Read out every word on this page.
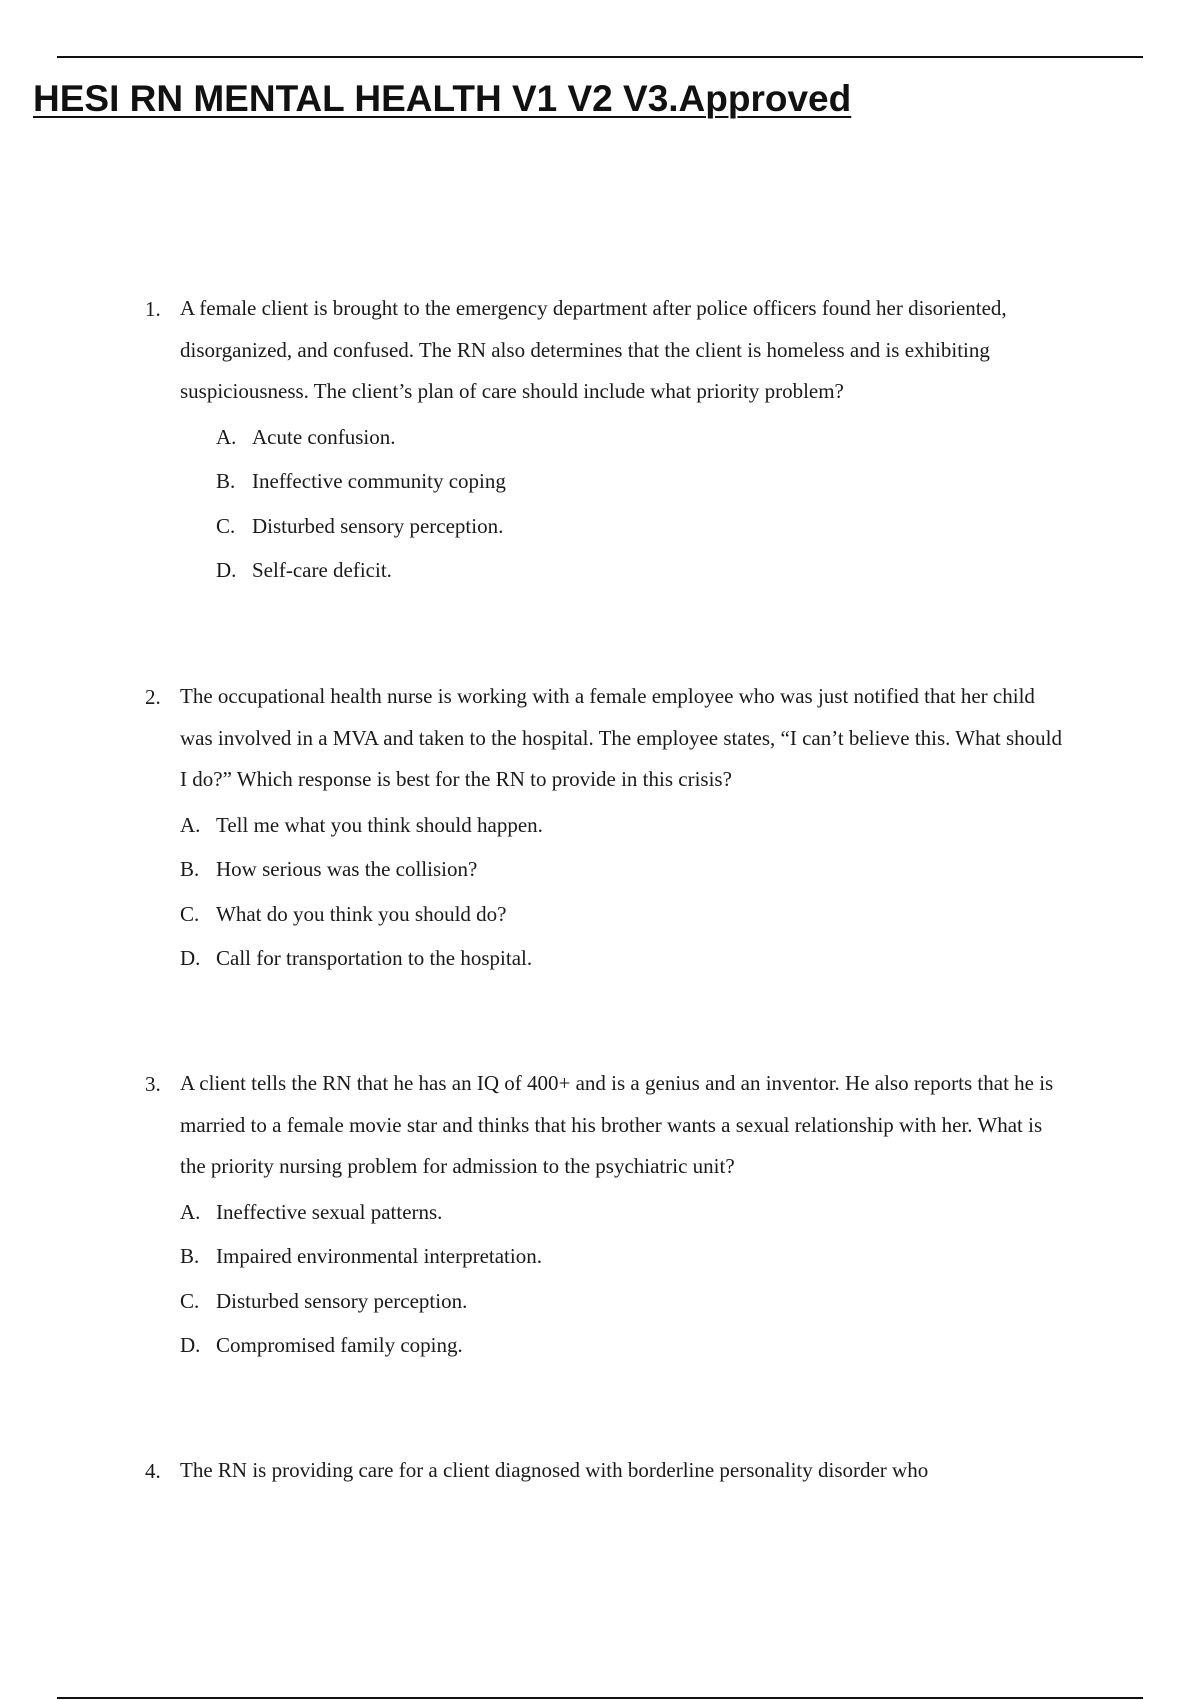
HESI RN MENTAL HEALTH V1 V2 V3.Approved
1. A female client is brought to the emergency department after police officers found her disoriented, disorganized, and confused. The RN also determines that the client is homeless and is exhibiting suspiciousness. The client’s plan of care should include what priority problem?
A. Acute confusion.
B. Ineffective community coping
C. Disturbed sensory perception.
D. Self-care deficit.
2. The occupational health nurse is working with a female employee who was just notified that her child was involved in a MVA and taken to the hospital. The employee states, “I can’t believe this. What should I do?” Which response is best for the RN to provide in this crisis?
A. Tell me what you think should happen.
B. How serious was the collision?
C. What do you think you should do?
D. Call for transportation to the hospital.
3. A client tells the RN that he has an IQ of 400+ and is a genius and an inventor. He also reports that he is married to a female movie star and thinks that his brother wants a sexual relationship with her. What is the priority nursing problem for admission to the psychiatric unit?
A. Ineffective sexual patterns.
B. Impaired environmental interpretation.
C. Disturbed sensory perception.
D. Compromised family coping.
4. The RN is providing care for a client diagnosed with borderline personality disorder who
